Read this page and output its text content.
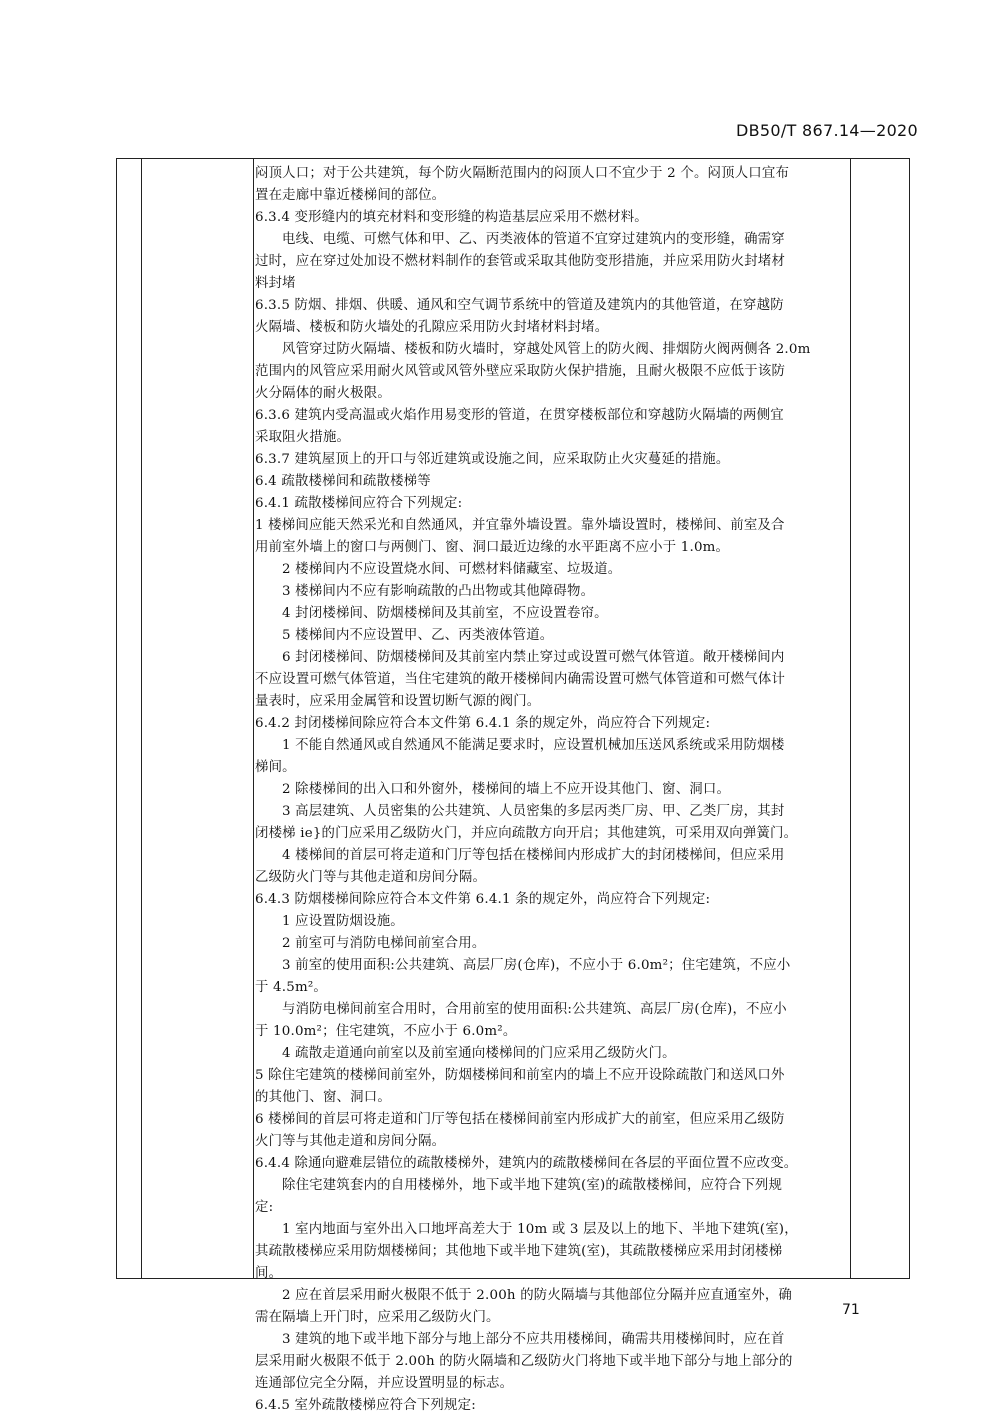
DB50/T 867.14—2020
闷顶人口；对于公共建筑，每个防火隔断范围内的闷顶人口不宜少于 2 个。闷顶人口宜布
置在走廊中靠近楼梯间的部位。
6.3.4 变形缝内的填充材料和变形缝的构造基层应采用不燃材料。
电线、电缆、可燃气体和甲、乙、丙类液体的管道不宜穿过建筑内的变形缝，确需穿
过时，应在穿过处加设不燃材料制作的套管或采取其他防变形措施，并应采用防火封堵材
料封堵
6.3.5 防烟、排烟、供暖、通风和空气调节系统中的管道及建筑内的其他管道，在穿越防
火隔墙、楼板和防火墙处的孔隙应采用防火封堵材料封堵。
风管穿过防火隔墙、楼板和防火墙时，穿越处风管上的防火阀、排烟防火阀两侧各 2.0m
范围内的风管应采用耐火风管或风管外壁应采取防火保护措施，且耐火极限不应低于该防
火分隔体的耐火极限。
6.3.6 建筑内受高温或火焰作用易变形的管道，在贯穿楼板部位和穿越防火隔墙的两侧宜
采取阻火措施。
6.3.7 建筑屋顶上的开口与邻近建筑或设施之间，应采取防止火灾蔓延的措施。
6.4 疏散楼梯间和疏散楼梯等
6.4.1 疏散楼梯间应符合下列规定:
1 楼梯间应能天然采光和自然通风，并宜靠外墙设置。靠外墙设置时，楼梯间、前室及合
用前室外墙上的窗口与两侧门、窗、洞口最近边缘的水平距离不应小于 1.0m。
2 楼梯间内不应设置烧水间、可燃材料储藏室、垃圾道。
3 楼梯间内不应有影响疏散的凸出物或其他障碍物。
4 封闭楼梯间、防烟楼梯间及其前室，不应设置卷帘。
5 楼梯间内不应设置甲、乙、丙类液体管道。
6 封闭楼梯间、防烟楼梯间及其前室内禁止穿过或设置可燃气体管道。敞开楼梯间内
不应设置可燃气体管道，当住宅建筑的敞开楼梯间内确需设置可燃气体管道和可燃气体计
量表时，应采用金属管和设置切断气源的阀门。
6.4.2 封闭楼梯间除应符合本文件第 6.4.1 条的规定外，尚应符合下列规定:
1 不能自然通风或自然通风不能满足要求时，应设置机械加压送风系统或采用防烟楼
梯间。
2 除楼梯间的出入口和外窗外，楼梯间的墙上不应开设其他门、窗、洞口。
3 高层建筑、人员密集的公共建筑、人员密集的多层丙类厂房、甲、乙类厂房，其封
闭楼梯 ie}的门应采用乙级防火门，并应向疏散方向开启；其他建筑，可采用双向弹簧门。
4 楼梯间的首层可将走道和门厅等包括在楼梯间内形成扩大的封闭楼梯间，但应采用
乙级防火门等与其他走道和房间分隔。
6.4.3 防烟楼梯间除应符合本文件第 6.4.1 条的规定外，尚应符合下列规定:
1 应设置防烟设施。
2 前室可与消防电梯间前室合用。
3 前室的使用面积:公共建筑、高层厂房(仓库)，不应小于 6.0m²；住宅建筑，不应小
于 4.5m²。
与消防电梯间前室合用时，合用前室的使用面积:公共建筑、高层厂房(仓库)，不应小
于 10.0m²；住宅建筑，不应小于 6.0m²。
4 疏散走道通向前室以及前室通向楼梯间的门应采用乙级防火门。
5 除住宅建筑的楼梯间前室外，防烟楼梯间和前室内的墙上不应开设除疏散门和送风口外
的其他门、窗、洞口。
6 楼梯间的首层可将走道和门厅等包括在楼梯间前室内形成扩大的前室，但应采用乙级防
火门等与其他走道和房间分隔。
6.4.4 除通向避难层错位的疏散楼梯外，建筑内的疏散楼梯间在各层的平面位置不应改变。
除住宅建筑套内的自用楼梯外，地下或半地下建筑(室)的疏散楼梯间，应符合下列规
定:
1 室内地面与室外出入口地坪高差大于 10m 或 3 层及以上的地下、半地下建筑(室)，
其疏散楼梯应采用防烟楼梯间；其他地下或半地下建筑(室)，其疏散楼梯应采用封闭楼梯
间。
2 应在首层采用耐火极限不低于 2.00h 的防火隔墙与其他部位分隔并应直通室外，确
需在隔墙上开门时，应采用乙级防火门。
3 建筑的地下或半地下部分与地上部分不应共用楼梯间，确需共用楼梯间时，应在首
层采用耐火极限不低于 2.00h 的防火隔墙和乙级防火门将地下或半地下部分与地上部分的
连通部位完全分隔，并应设置明显的标志。
6.4.5 室外疏散楼梯应符合下列规定:
71
